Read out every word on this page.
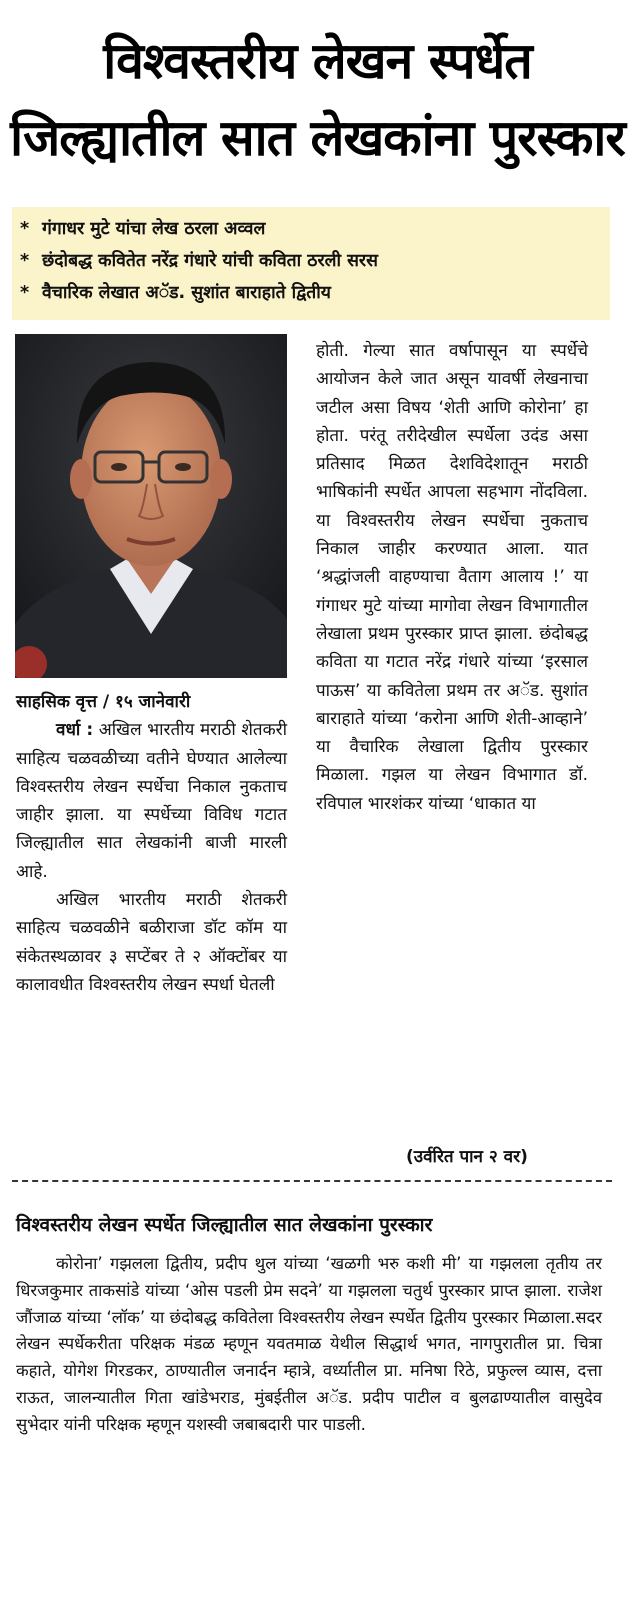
विश्वस्तरीय लेखन स्पर्धेत
जिल्ह्यातील सात लेखकांना पुरस्कार
* गंगाधर मुटे यांचा लेख ठरला अव्वल
* छंदोबद्ध कवितेत नरेंद्र गंधारे यांची कविता ठरली सरस
* वैचारिक लेखात अॅड. सुशांत बाराहाते द्वितीय
साहसिक वृत्त / १५ जानेवारी
वर्धा : अखिल भारतीय मराठी शेतकरी साहित्य चळवळीच्या वतीने घेण्यात आलेल्या विश्वस्तरीय लेखन स्पर्धेचा निकाल नुकताच जाहीर झाला. या स्पर्धेच्या विविध गटात जिल्ह्यातील सात लेखकांनी बाजी मारली आहे.
अखिल भारतीय मराठी शेतकरी साहित्य चळवळीने बळीराजा डॉट कॉम या संकेतस्थळावर ३ सप्टेंबर ते २ ऑक्टोंबर या कालावधीत विश्वस्तरीय लेखन स्पर्धा घेतली
होती. गेल्या सात वर्षापासून या स्पर्धेचे आयोजन केले जात असून यावर्षी लेखनाचा जटील असा विषय ‘शेती आणि कोरोना’ हा होता. परंतू तरीदेखील स्पर्धेला उदंड असा प्रतिसाद मिळत देशविदेशातून मराठी भाषिकांनी स्पर्धेत आपला सहभाग नोंदविला. या विश्वस्तरीय लेखन स्पर्धेचा नुकताच निकाल जाहीर करण्यात आला. यात ‘श्रद्धांजली वाहण्याचा वैताग आलाय !’ या गंगाधर मुटे यांच्या मागोवा लेखन विभागातील लेखाला प्रथम पुरस्कार प्राप्त झाला. छंदोबद्ध कविता या गटात नरेंद्र गंधारे यांच्या ‘इरसाल पाऊस’ या कवितेला प्रथम तर अॅड. सुशांत बाराहाते यांच्या ‘करोना आणि शेती-आव्हाने’ या वैचारिक लेखाला द्वितीय पुरस्कार मिळाला. गझल या लेखन विभागात डॉ. रविपाल भारशंकर यांच्या ‘धाकात या
(उर्वरित पान २ वर)
विश्वस्तरीय लेखन स्पर्धेत जिल्ह्यातील सात लेखकांना पुरस्कार
कोरोना’ गझलला द्वितीय, प्रदीप थुल यांच्या ‘खळगी भरु कशी मी’ या गझलला तृतीय तर धिरजकुमार ताकसांडे यांच्या ‘ओस पडली प्रेम सदने’ या गझलला चतुर्थ पुरस्कार प्राप्त झाला. राजेश जौंजाळ यांच्या ‘लॉक’ या छंदोबद्ध कवितेला विश्वस्तरीय लेखन स्पर्धेत द्वितीय पुरस्कार मिळाला.सदर लेखन स्पर्धेकरीता परिक्षक मंडळ म्हणून यवतमाळ येथील सिद्धार्थ भगत, नागपुरातील प्रा. चित्रा कहाते, योगेश गिरडकर, ठाण्यातील जनार्दन म्हात्रे, वर्ध्यातील प्रा. मनिषा रिठे, प्रफुल्ल व्यास, दत्ता राऊत, जालन्यातील गिता खांडेभराड, मुंबईतील अॅड. प्रदीप पाटील व बुलढाण्यातील वासुदेव सुभेदार यांनी परिक्षक म्हणून यशस्वी जबाबदारी पार पाडली.
